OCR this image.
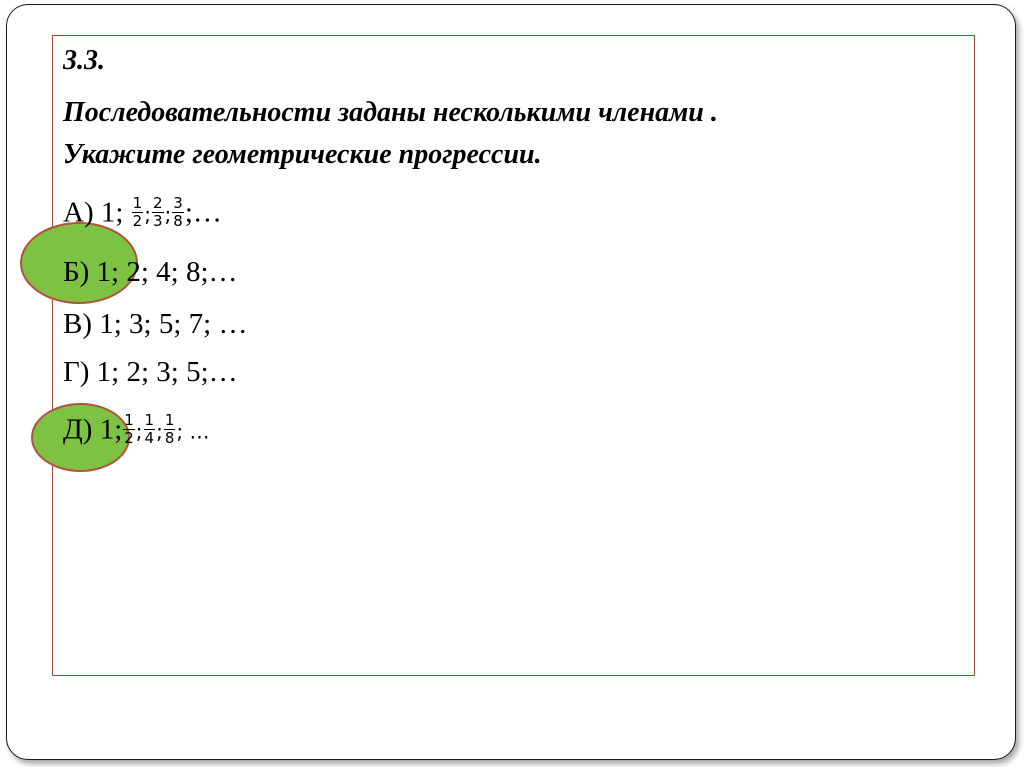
3.3.
Последовательности заданы несколькими членами .
Укажите геометрические прогрессии.
А) 1; $\frac{1}{2}$ ; $\frac{2}{3}$ ; $\frac{3}{8}$ ;…
Б) 1; 2; 4; 8;…
В) 1; 3; 5; 7; …
Г) 1; 2; 3; 5;…
Д) 1; $\frac{1}{2}$ ; $\frac{1}{4}$ ; $\frac{1}{8}$ ; …
